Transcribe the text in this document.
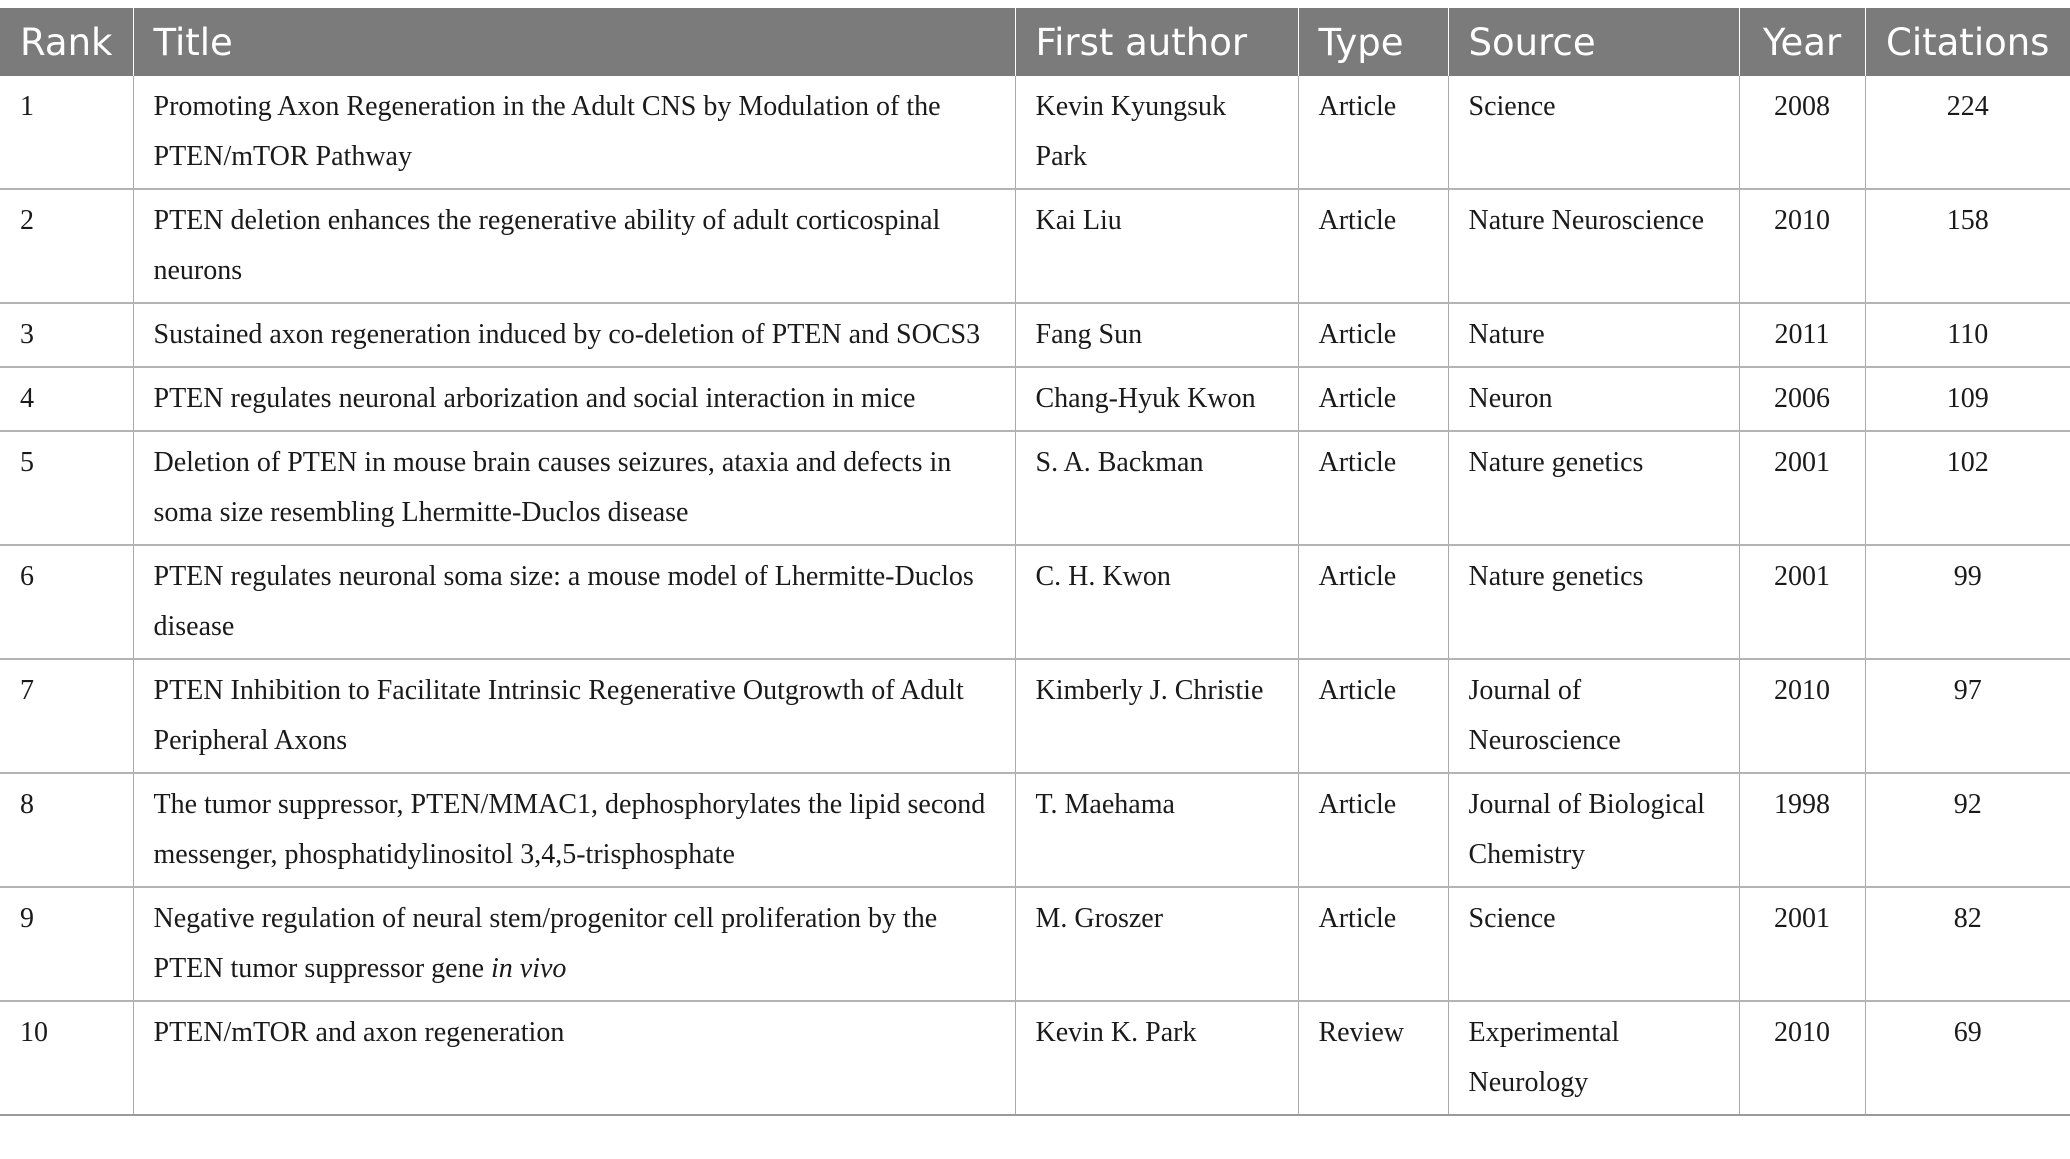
Rank	Title	First author	Type	Source	Year	Citations
1	Promoting Axon Regeneration in the Adult CNS by Modulation of the PTEN/mTOR Pathway	Kevin Kyungsuk Park	Article	Science	2008	224
2	PTEN deletion enhances the regenerative ability of adult corticospinal neurons	Kai Liu	Article	Nature Neuroscience	2010	158
3	Sustained axon regeneration induced by co-deletion of PTEN and SOCS3	Fang Sun	Article	Nature	2011	110
4	PTEN regulates neuronal arborization and social interaction in mice	Chang-Hyuk Kwon	Article	Neuron	2006	109
5	Deletion of PTEN in mouse brain causes seizures, ataxia and defects in soma size resembling Lhermitte-Duclos disease	S. A. Backman	Article	Nature genetics	2001	102
6	PTEN regulates neuronal soma size: a mouse model of Lhermitte-Duclos disease	C. H. Kwon	Article	Nature genetics	2001	99
7	PTEN Inhibition to Facilitate Intrinsic Regenerative Outgrowth of Adult Peripheral Axons	Kimberly J. Christie	Article	Journal of Neuroscience	2010	97
8	The tumor suppressor, PTEN/MMAC1, dephosphorylates the lipid second messenger, phosphatidylinositol 3,4,5-trisphosphate	T. Maehama	Article	Journal of Biological Chemistry	1998	92
9	Negative regulation of neural stem/progenitor cell proliferation by the PTEN tumor suppressor gene in vivo	M. Groszer	Article	Science	2001	82
10	PTEN/mTOR and axon regeneration	Kevin K. Park	Review	Experimental Neurology	2010	69
